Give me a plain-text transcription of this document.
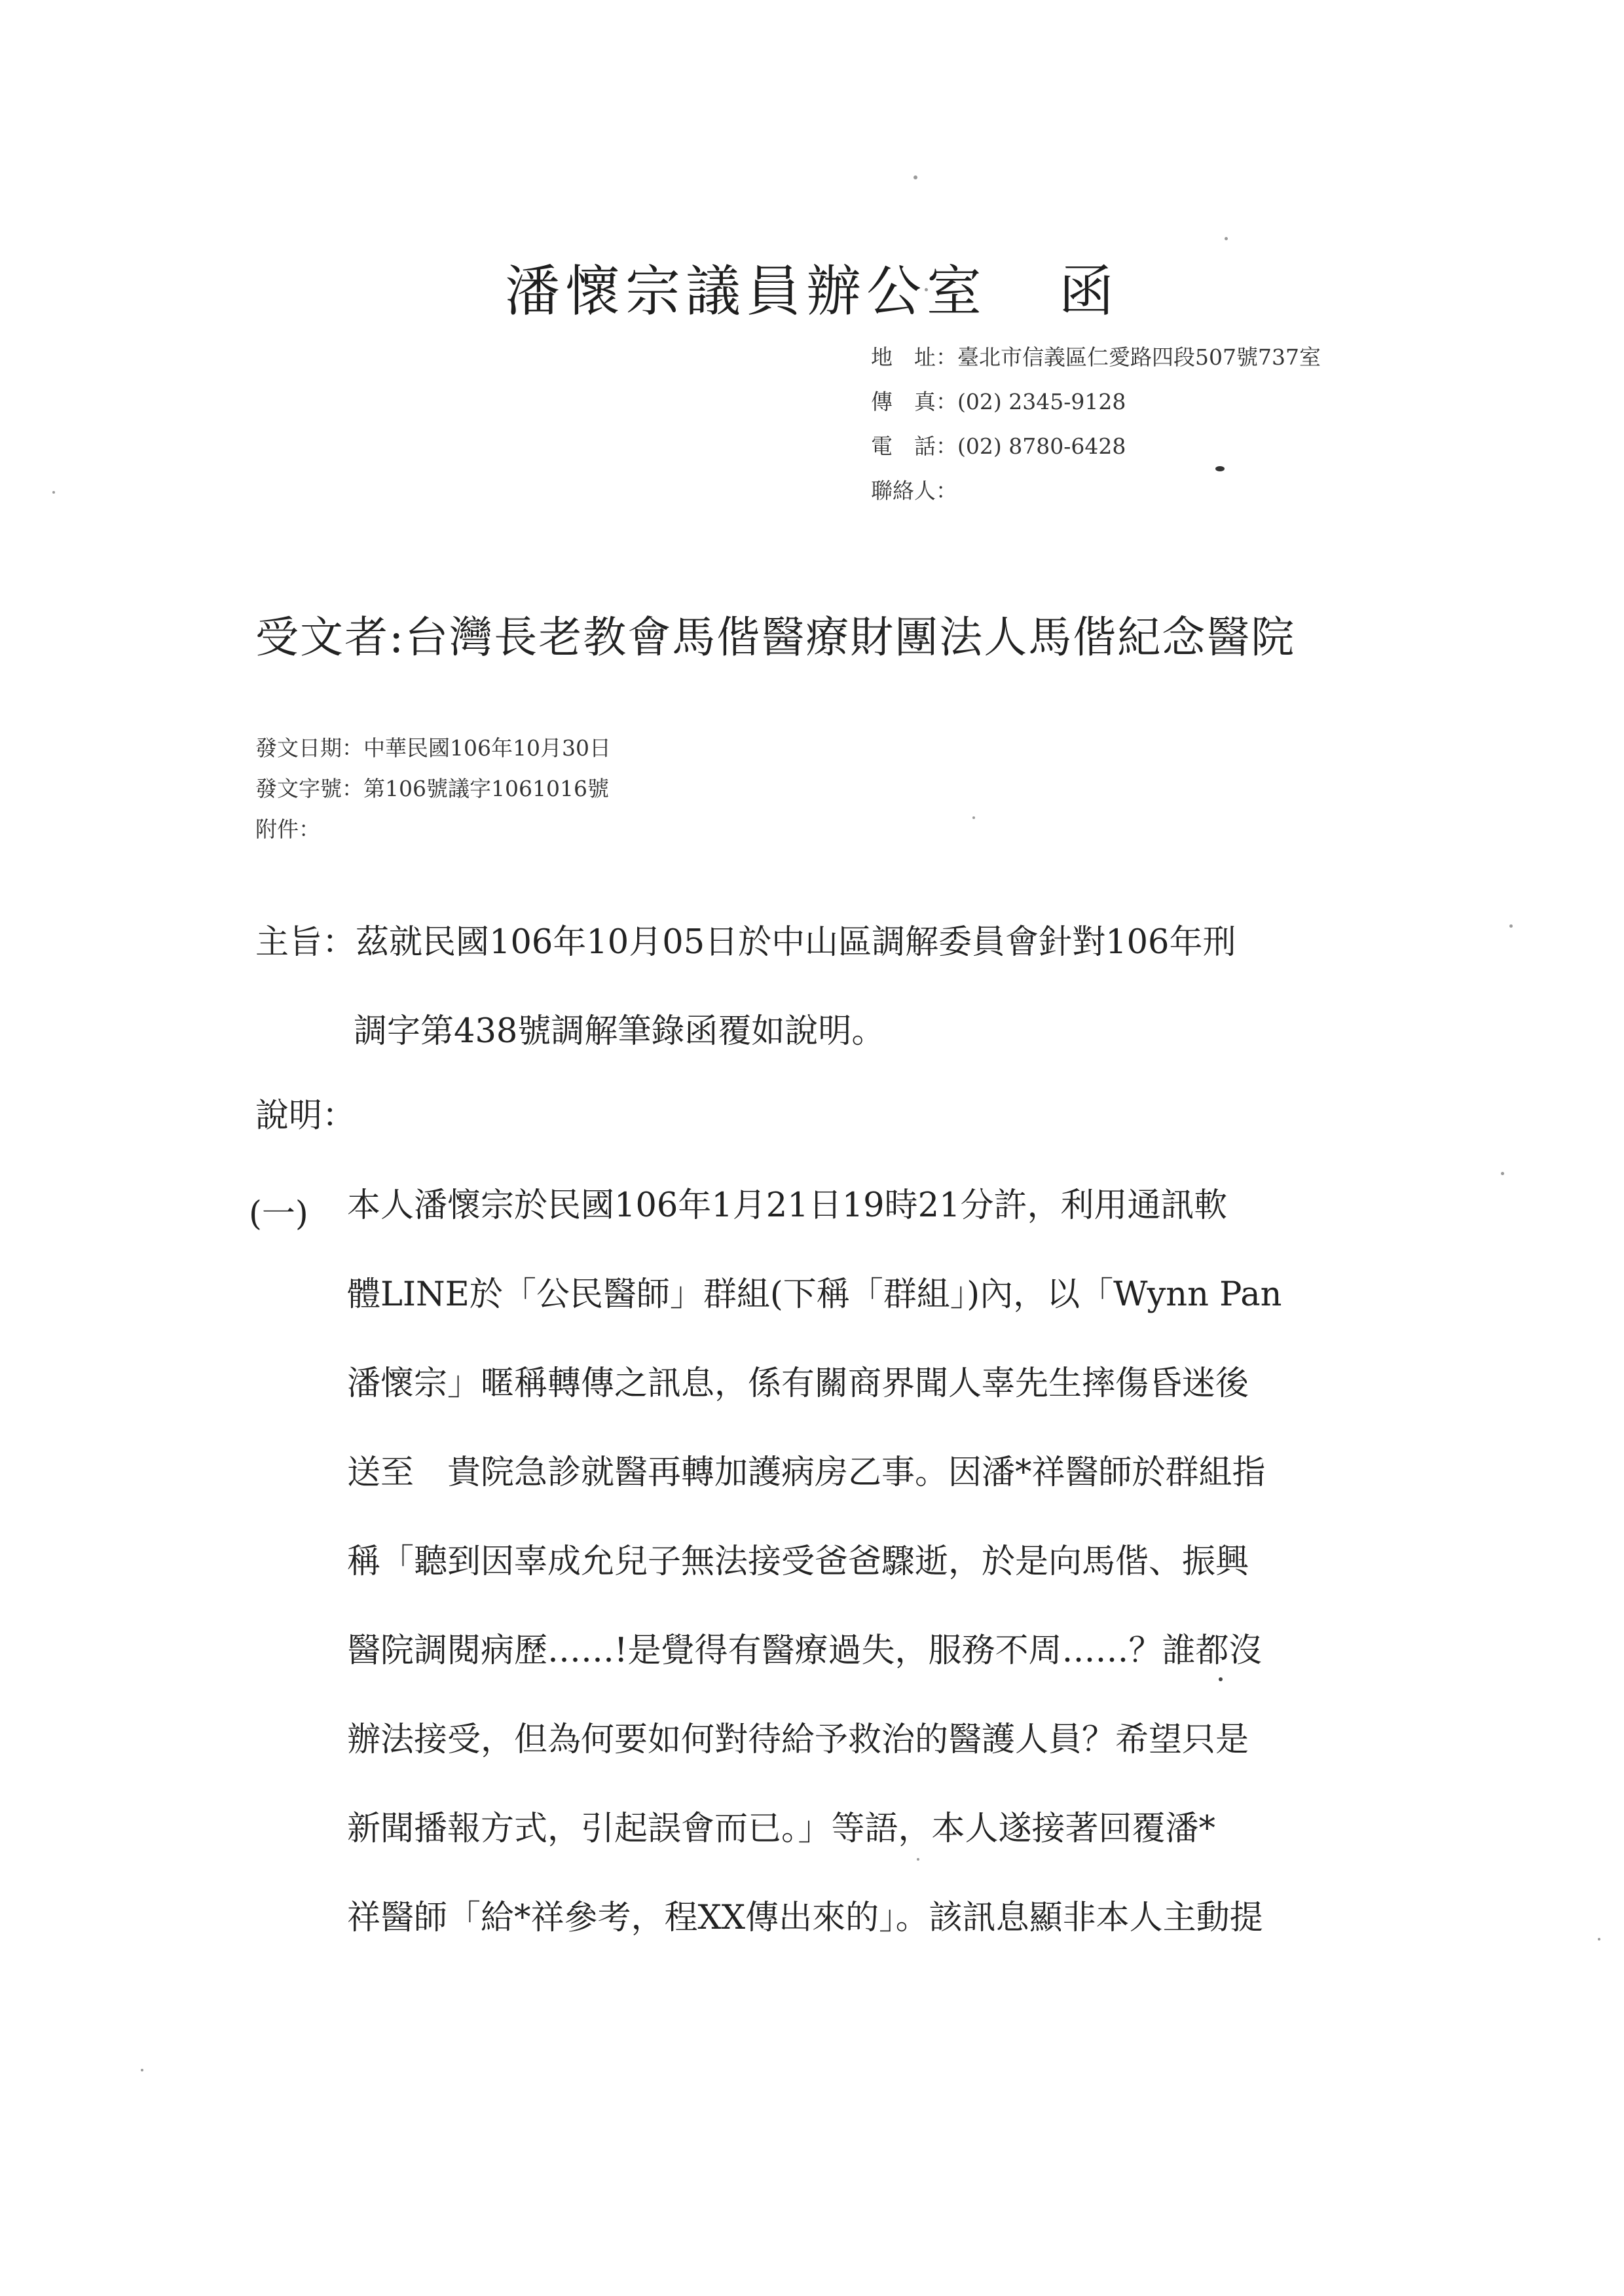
潘懷宗議員辦公室 函
地　址：臺北市信義區仁愛路四段507號737室
傳　真：(02) 2345-9128
電　話：(02) 8780-6428
聯絡人：
受文者:台灣長老教會馬偕醫療財團法人馬偕紀念醫院
發文日期：中華民國106年10月30日
發文字號：第106號議字1061016號
附件：
主旨：茲就民國106年10月05日於中山區調解委員會針對106年刑
調字第438號調解筆錄函覆如說明。
說明：
(一) 本人潘懷宗於民國106年1月21日19時21分許，利用通訊軟
體LINE於「公民醫師」群組(下稱「群組」)內，以「Wynn Pan
潘懷宗」暱稱轉傳之訊息，係有關商界聞人辜先生摔傷昏迷後
送至　貴院急診就醫再轉加護病房乙事。因潘*祥醫師於群組指
稱「聽到因辜成允兒子無法接受爸爸驟逝，於是向馬偕、振興
醫院調閱病歷……!是覺得有醫療過失，服務不周……？誰都沒
辦法接受，但為何要如何對待給予救治的醫護人員？希望只是
新聞播報方式，引起誤會而已。」等語，本人遂接著回覆潘*
祥醫師「給*祥參考，程XX傳出來的」。該訊息顯非本人主動提
